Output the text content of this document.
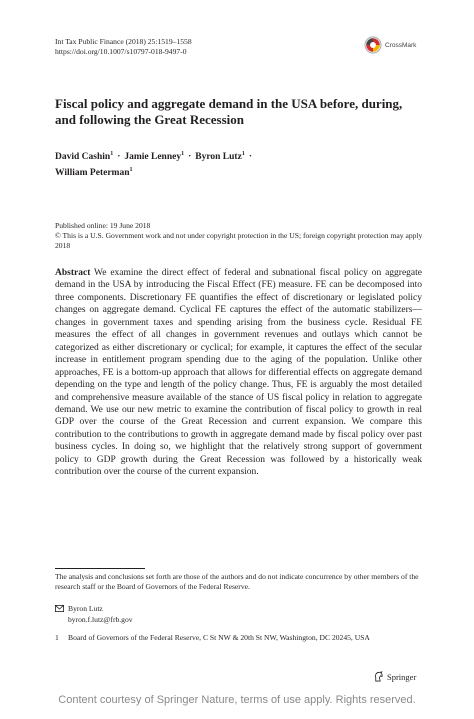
Int Tax Public Finance (2018) 25:1519–1558
https://doi.org/10.1007/s10797-018-9497-0
CrossMark
Fiscal policy and aggregate demand in the USA before, during, and following the Great Recession
David Cashin$^1$ · Jamie Lenney$^1$ · Byron Lutz$^1$ ·
William Peterman$^1$
Published online: 19 June 2018
© This is a U.S. Government work and not under copyright protection in the US; foreign copyright protection may apply 2018
Abstract We examine the direct effect of federal and subnational fiscal policy on aggregate demand in the USA by introducing the Fiscal Effect (FE) measure. FE can be decomposed into three components. Discretionary FE quantifies the effect of discretionary or legislated policy changes on aggregate demand. Cyclical FE captures the effect of the automatic stabilizers—changes in government taxes and spending arising from the business cycle. Residual FE measures the effect of all changes in government revenues and outlays which cannot be categorized as either discretionary or cyclical; for example, it captures the effect of the secular increase in entitlement program spending due to the aging of the population. Unlike other approaches, FE is a bottom-up approach that allows for differential effects on aggregate demand depending on the type and length of the policy change. Thus, FE is arguably the most detailed and comprehensive measure available of the stance of US fiscal policy in relation to aggregate demand. We use our new metric to examine the contribution of fiscal policy to growth in real GDP over the course of the Great Recession and current expansion. We compare this contribution to the contributions to growth in aggregate demand made by fiscal policy over past business cycles. In doing so, we highlight that the relatively strong support of government policy to GDP growth during the Great Recession was followed by a historically weak contribution over the course of the current expansion.
The analysis and conclusions set forth are those of the authors and do not indicate concurrence by other members of the research staff or the Board of Governors of the Federal Reserve.
Byron Lutz
byron.f.lutz@frb.gov
1	Board of Governors of the Federal Reserve, C St NW & 20th St NW, Washington, DC 20245, USA
Springer
Content courtesy of Springer Nature, terms of use apply. Rights reserved.
